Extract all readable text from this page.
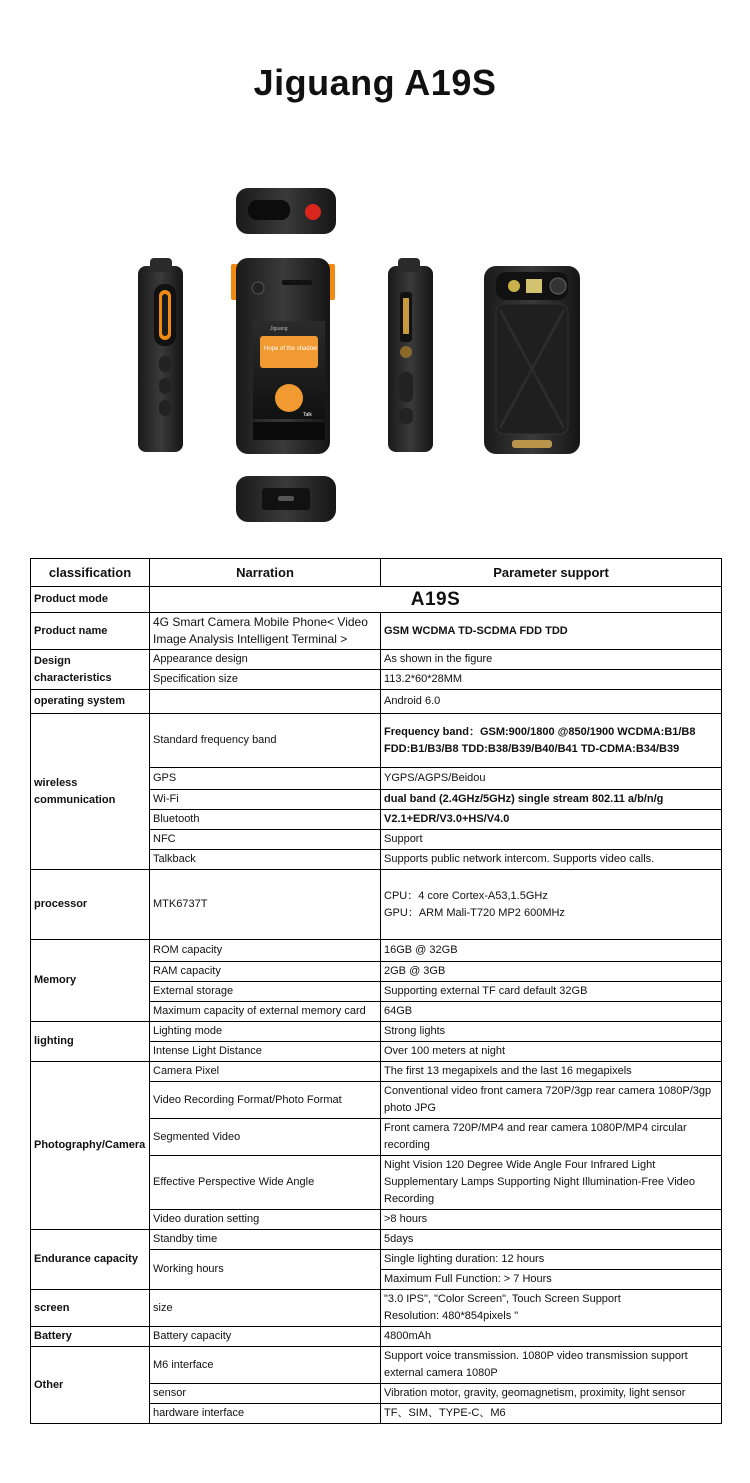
Jiguang A19S
Hope of the shadow
Jiguang
Talk
classification	Narration	Parameter support
Product mode	A19S	
Product name	4G Smart Camera Mobile Phone< Video Image Analysis Intelligent Terminal >	GSM WCDMA TD-SCDMA FDD TDD
Design characteristics	Appearance design	As shown in the figure
	Specification size	113.2*60*28MM
operating system		Android 6.0
wireless communication	Standard frequency band	Frequency band：GSM:900/1800 @850/1900 WCDMA:B1/B8 FDD:B1/B3/B8 TDD:B38/B39/B40/B41 TD-CDMA:B34/B39
	GPS	YGPS/AGPS/Beidou
	Wi-Fi	dual band (2.4GHz/5GHz) single stream 802.11 a/b/n/g
	Bluetooth	V2.1+EDR/V3.0+HS/V4.0
	NFC	Support
	Talkback	Supports public network intercom. Supports video calls.
processor	MTK6737T	CPU：4 core Cortex-A53,1.5GHz
GPU：ARM Mali-T720 MP2 600MHz

Memory	ROM capacity	16GB @ 32GB
	RAM capacity	2GB @ 3GB
	External storage	Supporting external TF card default 32GB
	Maximum capacity of external memory card	64GB
lighting	Lighting mode	Strong lights
	Intense Light Distance	Over 100 meters at night
Photography/Camera	Camera Pixel	The first 13 megapixels and the last 16 megapixels
	Video Recording Format/Photo Format	Conventional video front camera 720P/3gp rear camera 1080P/3gp photo JPG
	Segmented Video	Front camera 720P/MP4 and rear camera 1080P/MP4 circular recording
	Effective Perspective Wide Angle	Night Vision 120 Degree Wide Angle Four Infrared Light Supplementary Lamps Supporting Night Illumination-Free Video Recording
	Video duration setting	>8 hours
Endurance capacity	Standby time	5days
	Working hours	Single lighting duration: 12 hours
		Maximum Full Function: > 7 Hours
screen	size	"3.0 IPS", "Color Screen", Touch Screen Support
Resolution: 480*854pixels "

Battery	Battery capacity	4800mAh
Other	M6 interface	Support voice transmission. 1080P video transmission support external camera 1080P
	sensor	Vibration motor, gravity, geomagnetism, proximity, light sensor
	hardware interface	TF、SIM、TYPE-C、M6
